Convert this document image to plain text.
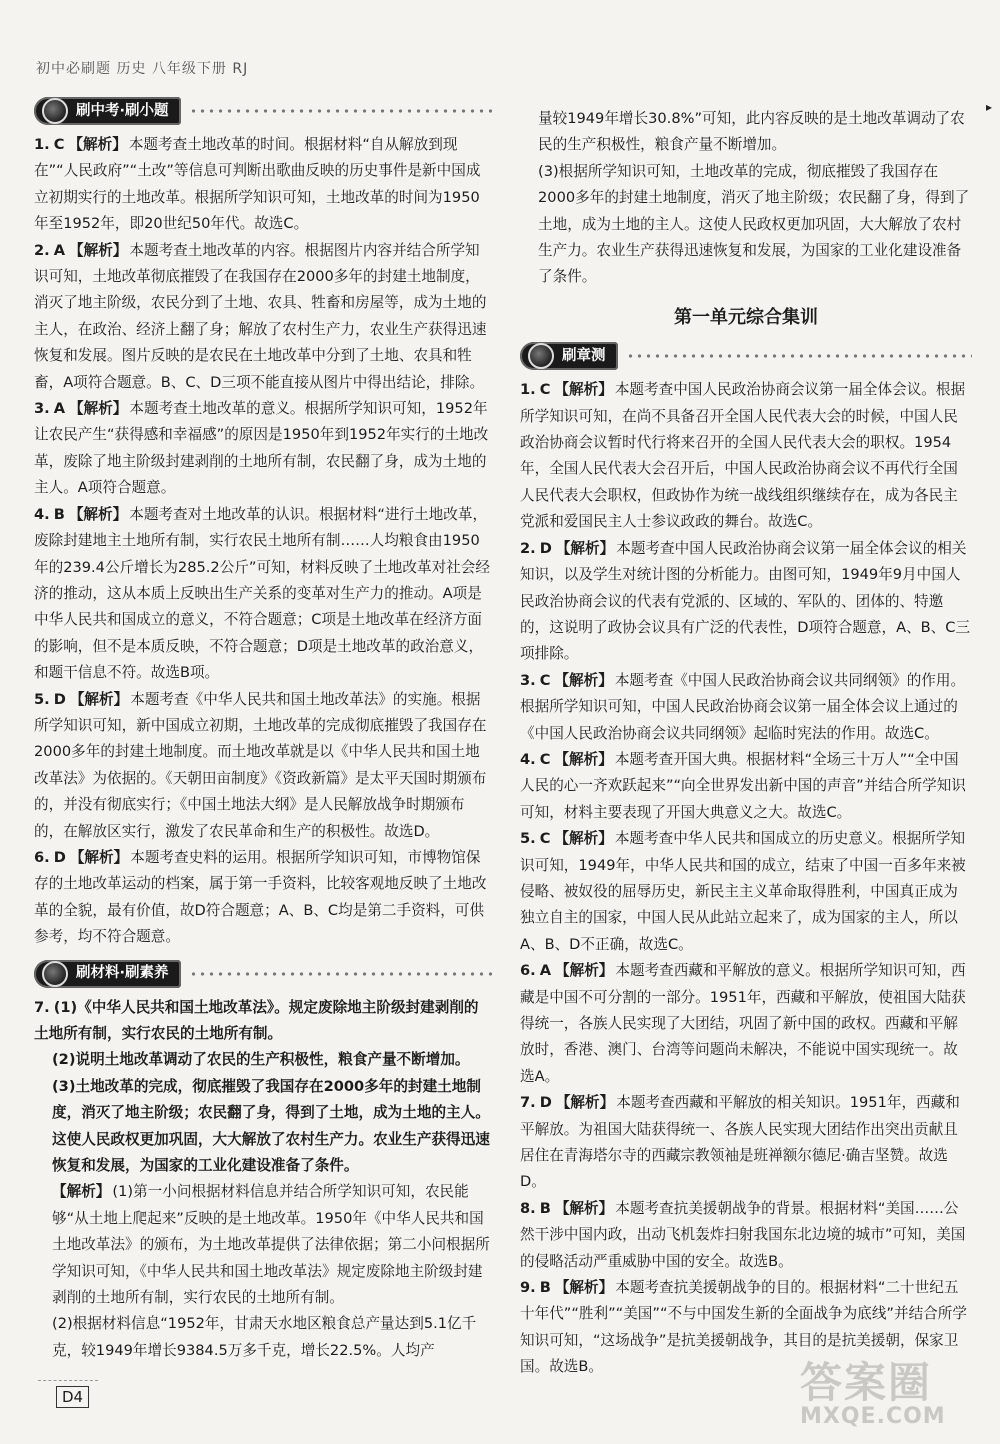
初中必刷题 历史 八年级下册 RJ
▸
刷中考·刷小题

1. C 【解析】 本题考查土地改革的时间。根据材料“自从解放到现在”“人民政府”“土改”等信息可判断出歌曲反映的历史事件是新中国成立初期实行的土地改革。根据所学知识可知，土地改革的时间为1950年至1952年，即20世纪50年代。故选C。

2. A 【解析】 本题考查土地改革的内容。根据图片内容并结合所学知识可知，土地改革彻底摧毁了在我国存在2000多年的封建土地制度，消灭了地主阶级，农民分到了土地、农具、牲畜和房屋等，成为土地的主人，在政治、经济上翻了身；解放了农村生产力，农业生产获得迅速恢复和发展。图片反映的是农民在土地改革中分到了土地、农具和牲畜，A项符合题意。B、C、D三项不能直接从图片中得出结论，排除。

3. A 【解析】 本题考查土地改革的意义。根据所学知识可知，1952年让农民产生“获得感和幸福感”的原因是1950年到1952年实行的土地改革，废除了地主阶级封建剥削的土地所有制，农民翻了身，成为土地的主人。A项符合题意。

4. B 【解析】 本题考查对土地改革的认识。根据材料“进行土地改革，废除封建地主土地所有制，实行农民土地所有制……人均粮食由1950年的239.4公斤增长为285.2公斤”可知，材料反映了土地改革对社会经济的推动，这从本质上反映出生产关系的变革对生产力的推动。A项是中华人民共和国成立的意义，不符合题意；C项是土地改革在经济方面的影响，但不是本质反映，不符合题意；D项是土地改革的政治意义，和题干信息不符。故选B项。

5. D 【解析】 本题考查《中华人民共和国土地改革法》的实施。根据所学知识可知，新中国成立初期，土地改革的完成彻底摧毁了我国存在2000多年的封建土地制度。而土地改革就是以《中华人民共和国土地改革法》为依据的。《天朝田亩制度》《资政新篇》是太平天国时期颁布的，并没有彻底实行；《中国土地法大纲》是人民解放战争时期颁布的，在解放区实行，激发了农民革命和生产的积极性。故选D。

6. D 【解析】 本题考查史料的运用。根据所学知识可知，市博物馆保存的土地改革运动的档案，属于第一手资料，比较客观地反映了土地改革的全貌，最有价值，故D符合题意；A、B、C均是第二手资料，可供参考，均不符合题意。

刷材料·刷素养

7. (1)《中华人民共和国土地改革法》。规定废除地主阶级封建剥削的土地所有制，实行农民的土地所有制。

(2)说明土地改革调动了农民的生产积极性，粮食产量不断增加。

(3)土地改革的完成，彻底摧毁了我国存在2000多年的封建土地制度，消灭了地主阶级；农民翻了身，得到了土地，成为土地的主人。这使人民政权更加巩固，大大解放了农村生产力。农业生产获得迅速恢复和发展，为国家的工业化建设准备了条件。

【解析】 (1)第一小问根据材料信息并结合所学知识可知，农民能够“从土地上爬起来”反映的是土地改革。1950年《中华人民共和国土地改革法》的颁布，为土地改革提供了法律依据；第二小问根据所学知识可知，《中华人民共和国土地改革法》规定废除地主阶级封建剥削的土地所有制，实行农民的土地所有制。

(2)根据材料信息“1952年，甘肃天水地区粮食总产量达到5.1亿千克，较1949年增长9384.5万多千克，增长22.5%。人均产

量较1949年增长30.8%”可知，此内容反映的是土地改革调动了农民的生产积极性，粮食产量不断增加。

(3)根据所学知识可知，土地改革的完成，彻底摧毁了我国存在2000多年的封建土地制度，消灭了地主阶级；农民翻了身，得到了土地，成为土地的主人。这使人民政权更加巩固，大大解放了农村生产力。农业生产获得迅速恢复和发展，为国家的工业化建设准备了条件。

第一单元综合集训
刷章测

1. C 【解析】 本题考查中国人民政治协商会议第一届全体会议。根据所学知识可知，在尚不具备召开全国人民代表大会的时候，中国人民政治协商会议暂时代行将来召开的全国人民代表大会的职权。1954年，全国人民代表大会召开后，中国人民政治协商会议不再代行全国人民代表大会职权，但政协作为统一战线组织继续存在，成为各民主党派和爱国民主人士参议政政的舞台。故选C。

2. D 【解析】 本题考查中国人民政治协商会议第一届全体会议的相关知识，以及学生对统计图的分析能力。由图可知，1949年9月中国人民政治协商会议的代表有党派的、区域的、军队的、团体的、特邀的，这说明了政协会议具有广泛的代表性，D项符合题意，A、B、C三项排除。

3. C 【解析】 本题考查《中国人民政治协商会议共同纲领》的作用。根据所学知识可知，中国人民政治协商会议第一届全体会议上通过的《中国人民政治协商会议共同纲领》起临时宪法的作用。故选C。

4. C 【解析】 本题考查开国大典。根据材料“全场三十万人”“全中国人民的心一齐欢跃起来”“向全世界发出新中国的声音”并结合所学知识可知，材料主要表现了开国大典意义之大。故选C。

5. C 【解析】 本题考查中华人民共和国成立的历史意义。根据所学知识可知，1949年，中华人民共和国的成立，结束了中国一百多年来被侵略、被奴役的屈辱历史，新民主主义革命取得胜利，中国真正成为独立自主的国家，中国人民从此站立起来了，成为国家的主人，所以A、B、D不正确，故选C。

6. A 【解析】 本题考查西藏和平解放的意义。根据所学知识可知，西藏是中国不可分割的一部分。1951年，西藏和平解放，使祖国大陆获得统一，各族人民实现了大团结，巩固了新中国的政权。西藏和平解放时，香港、澳门、台湾等问题尚未解决，不能说中国实现统一。故选A。

7. D 【解析】 本题考查西藏和平解放的相关知识。1951年，西藏和平解放。为祖国大陆获得统一、各族人民实现大团结作出突出贡献且居住在青海塔尔寺的西藏宗教领袖是班禅额尔德尼·确吉坚赞。故选D。

8. B 【解析】 本题考查抗美援朝战争的背景。根据材料“美国……公然干涉中国内政，出动飞机轰炸扫射我国东北边境的城市”可知，美国的侵略活动严重威胁中国的安全。故选B。

9. B 【解析】 本题考查抗美援朝战争的目的。根据材料“二十世纪五十年代”“胜利”“美国”“不与中国发生新的全面战争为底线”并结合所学知识可知，“这场战争”是抗美援朝战争，其目的是抗美援朝，保家卫国。故选B。

D4	答案圈
MXQE.COM
